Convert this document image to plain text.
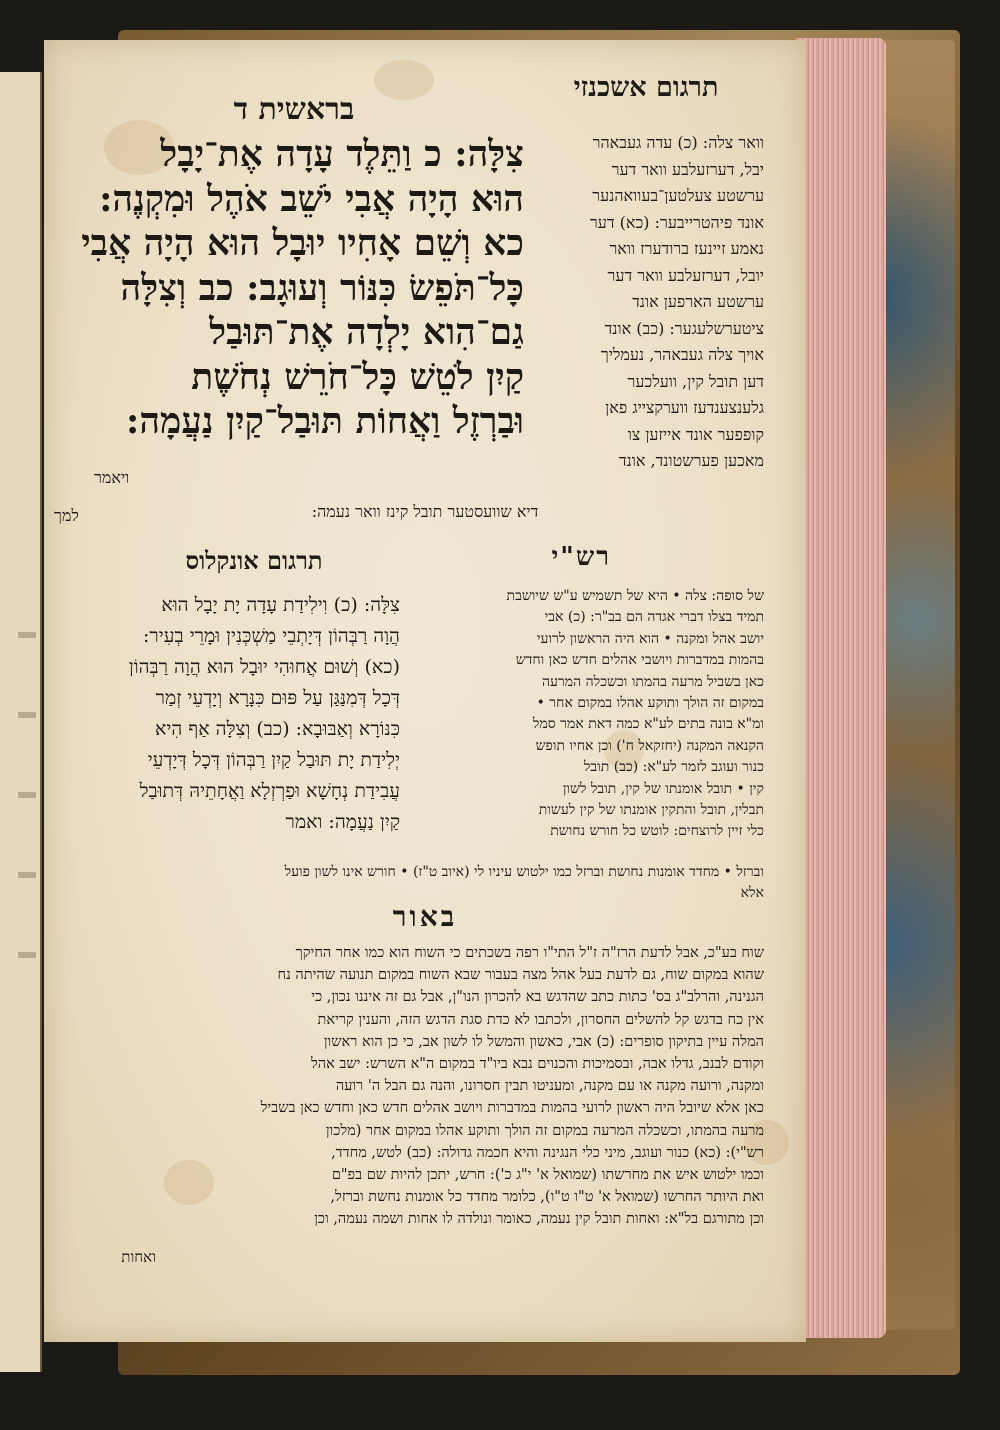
תרגום אשכנזי
בראשית ד
צִלָּה: כ וַתֵּלֶד עָדָה אֶת־יָבָל
הוּא הָיָה אֲבִי יֹשֵׁב אֹהֶל וּמִקְנֶה:
כא וְשֵׁם אָחִיו יוּבָל הוּא הָיָה אֲבִי
כָּל־תֹּפֵשׂ כִּנּוֹר וְעוּגָב: כב וְצִלָּה
גַם־הִוא יָלְדָה אֶת־תּוּבַל
קַיִן לֹטֵשׁ כָּל־חֹרֵשׁ נְחֹשֶׁת
וּבַרְזֶל וַאֲחוֹת תּוּבַל־קַיִן נַעֲמָה:
וואר צלה: (כ) עדה געבאהר
יבל, דערזעלבע וואר דער
ערשטע צעלטען־בעוואהנער
אונד פיהטרייבער: (כא) דער
נאמע זיינעז ברודערז וואר
יובל, דערזעלבע וואר דער
ערשטע הארפען אונד
ציטערשלעגער: (כב) אונד
אויך צלה געבאהר, נעמליך
דען תובל קין, וועלכער
גלענצענדעז ווערקצייג פאן
קופפער אונד אייזען צו
מאכען פערשטונד, אונד
ויאמר
דיא שוועסטער תובל קינז וואר נעמה:
למך
רש"י
תרגום אונקלוס
של סופה: צלה • היא של תשמיש ע"ש שיושבת
תמיד בצלו דברי אגדה הם בב"ר: (כ) אבי
יושב אהל ומקנה • הוא היה הראשון לרועי
בהמות במדברות ויושבי אהלים חדש כאן וחדש
כאן בשביל מרעה בהמתו וכשכלה המרעה
במקום זה הולך ותוקע אהלו במקום אחר •
ומ"א בונה בתים לע"א כמה דאת אמר סמל
הקנאה המקנה (יחזקאל ח') וכן אחיו תופש
כנור ועוגב לזמר לע"א: (כב) תובל
קין • תובל אומנתו של קין, תובל לשון
תבלין, תובל והתקין אומנתו של קין לעשות
כלי זיין לרוצחים: לוטש כל חורש נחושת
צִלָּה: (כ) וִילִידַת עָדָה יָת יָבָל הוּא
הֲוָה רַבְּהוֹן דְּיָתְבֵי מַשְׁכְּנִין וּמָרֵי בְעִיר:
(כא) וְשׁוּם אֲחוּהִי יוּבָל הוּא הֲוָה רַבְּהוֹן
דְּכָל דְּמִנַּגַּן עַל פּוּם כִּנָּרָא וְיָדְעֵי זְמַר
כִּנּוֹרָא וְאַבּוּבָא: (כב) וְצִלָּה אַף הִיא
יְלִידַת יָת תּוּבַל קַיִן רַבְּהוֹן דְּכָל דְּיָדְעֵי
עֲבִידַת נְחָשָׁא וּפַרְזְלָא וַאֲחָתֵיהּ דְּתוּבַל
קַיִן נַעֲמָה: ואמר
וברזל • מחדד אומנות נחושת וברזל כמו ילטוש עיניו לי (איוב ט"ז) • חורש אינו לשון פועל
אלא
באור
שוח בע"כ, אבל לדעת הרז"ה ז"ל התי"ו רפה בשכתים כי השוח הוא כמו אחר החיקך
שהוא במקום שוח, גם לדעת בעל אהל מצה בעבור שבא השוח במקום תנועה שהיתה נח
הגנינה, והרלב"ג בס' כתות כתב שהדגש בא להכרון הנו"ן, אבל גם זה איננו נכון, כי
אין כח בדגש קל להשלים החסרון, ולכתבו לא כדת סגת הדגש הזה, והענין קריאת
המלה עיין בתיקון סופרים: (כ) אבי, כאשון והמשל לו לשון אב, כי כן הוא ראשון
וקודם לבנב, גדלו אבה, ובסמיכות והכנוים נבא ביו"ד במקום ה"א השרש: ישב אהל
ומקנה, ורועה מקנה או עם מקנה, ומעניטו תבין חסרונו, והנה גם הבל ה' רועה
כאן אלא שיובל היה ראשון לרועי בהמות במדברות ויושב אהלים חדש כאן וחדש כאן בשביל
מרעה בהמתו, וכשכלה המרעה במקום זה הולך ותוקע אהלו במקום אחר (מלכון
רש"י): (כא) כנור ועוגב, מיני כלי הנגינה והיא חכמה גדולה: (כב) לטש, מחדד,
וכמו ילטוש איש את מחרשתו (שמואל א' י"ג כ'): חרש, יתכן להיות שם בפ"ם
ואת היותר החרשו (שמואל א' ט"ו ט"ו), כלומר מחדד כל אומנות נחשת וברזל,
וכן מתורגם בל"א: ואחות תובל קין נעמה, כאומר ונולדה לו אחות ושמה נעמה, וכן
ואחות
